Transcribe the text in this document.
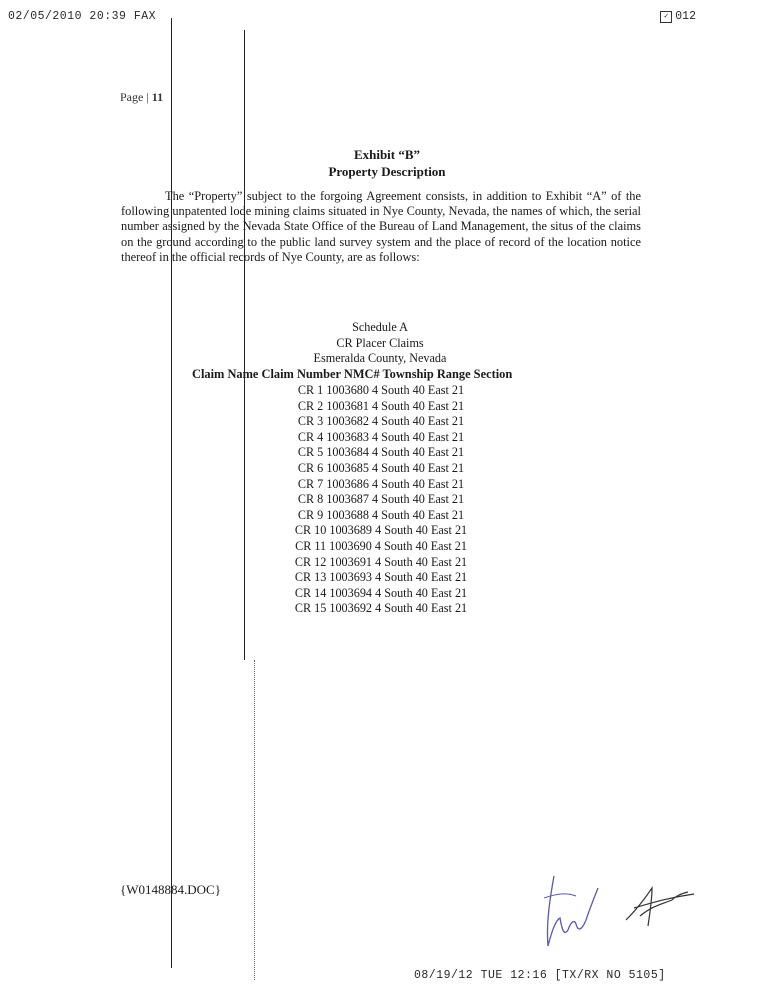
02/05/2010 20:39 FAX	✓ 012
Page | 11
Exhibit “B”
Property Description

The “Property” subject to the forgoing Agreement consists, in addition to Exhibit “A” of the following unpatented lode mining claims situated in Nye County, Nevada, the names of which, the serial number assigned by the Nevada State Office of the Bureau of Land Management, the situs of the claims on the ground according to the public land survey system and the place of record of the location notice thereof in the official records of Nye County, are as follows:

Schedule A
CR Placer Claims
Esmeralda County, Nevada
Claim Name Claim Number NMC# Township Range Section
CR 1 1003680 4 South 40 East 21
CR 2 1003681 4 South 40 East 21
CR 3 1003682 4 South 40 East 21
CR 4 1003683 4 South 40 East 21
CR 5 1003684 4 South 40 East 21
CR 6 1003685 4 South 40 East 21
CR 7 1003686 4 South 40 East 21
CR 8 1003687 4 South 40 East 21
CR 9 1003688 4 South 40 East 21
CR 10 1003689 4 South 40 East 21
CR 11 1003690 4 South 40 East 21
CR 12 1003691 4 South 40 East 21
CR 13 1003693 4 South 40 East 21
CR 14 1003694 4 South 40 East 21
CR 15 1003692 4 South 40 East 21
{W0148884.DOC}
08/19/12 TUE 12:16 [TX/RX NO 5105]
